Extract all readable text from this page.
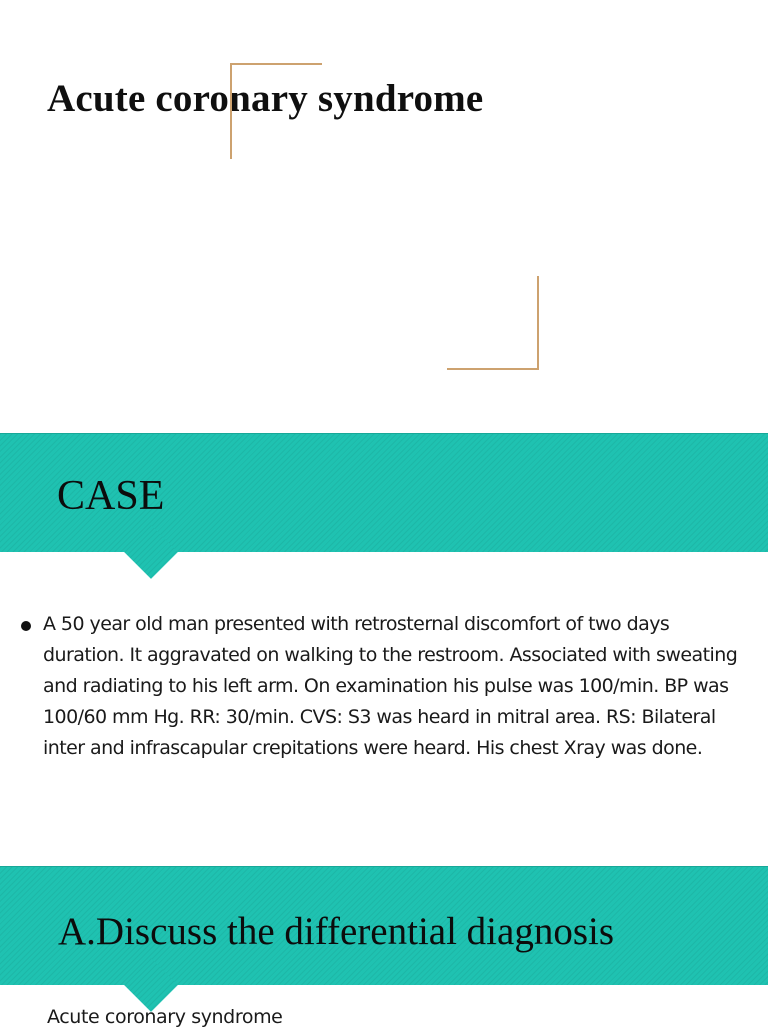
Acute coronary syndrome
CASE
A 50 year old man presented with retrosternal discomfort of two days duration. It aggravated on walking to the restroom. Associated with sweating and radiating to his left arm. On examination his pulse was 100/min. BP was 100/60 mm Hg. RR: 30/min. CVS: S3 was heard in mitral area. RS: Bilateral inter and infrascapular crepitations were heard. His chest Xray was done.
A.Discuss the differential diagnosis
Acute coronary syndrome
